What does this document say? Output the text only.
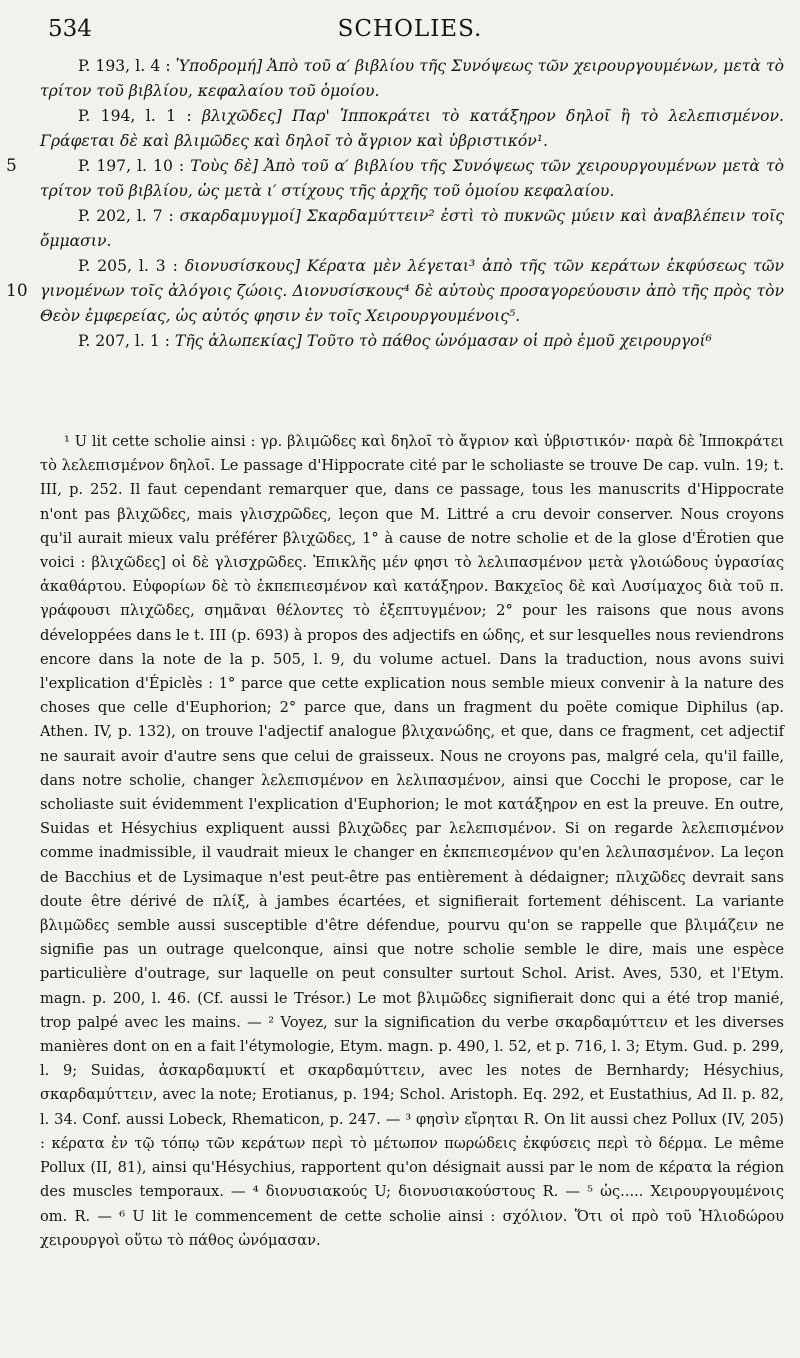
534	SCHOLIES.

P. 193, l. 4 : Ὑποδρομή] Ἀπὸ τοῦ α′ βιβλίου τῆς Συνόψεως τῶν χειρουργουμένων, μετὰ τὸ τρίτον τοῦ βιβλίου, κεφαλαίου τοῦ ὁμοίου.

P. 194, l. 1 : βλιχῶδες] Παρ' Ἱπποκράτει τὸ κατάξηρον δηλοῖ ἢ τὸ λελεπισμένον. Γράφεται δὲ καὶ βλιμῶδες καὶ δηλοῖ τὸ ἄγριον καὶ ὑβριστικόν¹.

5	P. 197, l. 10 : Τοὺς δὲ] Ἀπὸ τοῦ α′ βιβλίου τῆς Συνόψεως τῶν χειρουργουμένων μετὰ τὸ τρίτον τοῦ βιβλίου, ὡς μετὰ ι′ στίχους τῆς ἀρχῆς τοῦ ὁμοίου κεφαλαίου.

P. 202, l. 7 : σκαρδαμυγμοί] Σκαρδαμύττειν² ἐστὶ τὸ πυκνῶς μύειν καὶ ἀναβλέπειν τοῖς ὄμμασιν.

10
P. 205, l. 3 : διονυσίσκους] Κέρατα μὲν λέγεται³ ἀπὸ τῆς τῶν κεράτων ἐκφύσεως τῶν γινομένων τοῖς ἀλόγοις ζώοις. Διονυσίσκους⁴ δὲ αὐτοὺς προσαγορεύουσιν ἀπὸ τῆς πρὸς τὸν Θεὸν ἐμφερείας, ὡς αὐτός φησιν ἐν τοῖς Χειρουργουμένοις⁵.

P. 207, l. 1 : Τῆς ἀλωπεκίας] Τοῦτο τὸ πάθος ὠνόμασαν οἱ πρὸ ἐμοῦ χειρουργοί⁶

¹ U lit cette scholie ainsi : γρ. βλιμῶδες καὶ δηλοῖ τὸ ἄγριον καὶ ὑβριστικόν· παρὰ δὲ Ἱπποκράτει τὸ λελεπισμένον δηλοῖ. Le passage d'Hippocrate cité par le scholiaste se trouve De cap. vuln. 19; t. III, p. 252. Il faut cependant remarquer que, dans ce passage, tous les manuscrits d'Hippocrate n'ont pas βλιχῶδες, mais γλισχρῶδες, leçon que M. Littré a cru devoir conserver. Nous croyons qu'il aurait mieux valu préférer βλιχῶδες, 1° à cause de notre scholie et de la glose d'Érotien que voici : βλιχῶδες] οἱ δὲ γλισχρῶδες. Ἐπικλῆς μέν φησι τὸ λελιπασμένον μετὰ γλοιώδους ὑγρασίας ἀκαθάρτου. Εὐφορίων δὲ τὸ ἐκπεπιεσμένον καὶ κατάξηρον. Βακχεῖος δὲ καὶ Λυσίμαχος διὰ τοῦ π. γράφουσι πλιχῶδες, σημᾶναι θέλοντες τὸ ἐξεπτυγμένον; 2° pour les raisons que nous avons développées dans le t. III (p. 693) à propos des adjectifs en ώδης, et sur lesquelles nous reviendrons encore dans la note de la p. 505, l. 9, du volume actuel. Dans la traduction, nous avons suivi l'explication d'Épiclès : 1° parce que cette explication nous semble mieux convenir à la nature des choses que celle d'Euphorion; 2° parce que, dans un fragment du poëte comique Diphilus (ap. Athen. IV, p. 132), on trouve l'adjectif analogue βλιχανώδης, et que, dans ce fragment, cet adjectif ne saurait avoir d'autre sens que celui de graisseux. Nous ne croyons pas, malgré cela, qu'il faille, dans notre scholie, changer λελεπισμένον en λελιπασμένον, ainsi que Cocchi le propose, car le scholiaste suit évidemment l'explication d'Euphorion; le mot κατάξηρον en est la preuve. En outre, Suidas et Hésychius expliquent aussi βλιχῶδες par λελεπισμένον. Si on regarde λελεπισμένον comme inadmissible, il vaudrait mieux le changer en ἐκπεπιεσμένον qu'en λελιπασμένον. La leçon de Bacchius et de Lysimaque n'est peut-être pas entièrement à dédaigner; πλιχῶδες devrait sans doute être dérivé de πλίξ, à jambes écartées, et signifierait fortement déhiscent. La variante βλιμῶδες semble aussi susceptible d'être défendue, pourvu qu'on se rappelle que βλιμάζειν ne signifie pas un outrage quelconque, ainsi que notre scholie semble le dire, mais une espèce particulière d'outrage, sur laquelle on peut consulter surtout Schol. Arist. Aves, 530, et l'Etym. magn. p. 200, l. 46. (Cf. aussi le Trésor.) Le mot βλιμῶδες signifierait donc qui a été trop manié, trop palpé avec les mains. — ² Voyez, sur la signification du verbe σκαρδαμύττειν et les diverses manières dont on en a fait l'étymologie, Etym. magn. p. 490, l. 52, et p. 716, l. 3; Etym. Gud. p. 299, l. 9; Suidas, ἀσκαρδαμυκτί et σκαρδαμύττειν, avec les notes de Bernhardy; Hésychius, σκαρδαμύττειν, avec la note; Erotianus, p. 194; Schol. Aristoph. Eq. 292, et Eustathius, Ad Il. p. 82, l. 34. Conf. aussi Lobeck, Rhematicon, p. 247. — ³ φησὶν εἴρηται R. On lit aussi chez Pollux (IV, 205) : κέρατα ἐν τῷ τόπῳ τῶν κεράτων περὶ τὸ μέτωπον πωρώδεις ἐκφύσεις περὶ τὸ δέρμα. Le même Pollux (II, 81), ainsi qu'Hésychius, rapportent qu'on désignait aussi par le nom de κέρατα la région des muscles temporaux. — ⁴ διονυσιακούς U; διονυσιακούστους R. — ⁵ ὡς..... Χειρουργουμένοις om. R. — ⁶ U lit le commencement de cette scholie ainsi : σχόλιον. Ὅτι οἱ πρὸ τοῦ Ἡλιοδώρου χειρουργοὶ οὕτω τὸ πάθος ὠνόμασαν.
